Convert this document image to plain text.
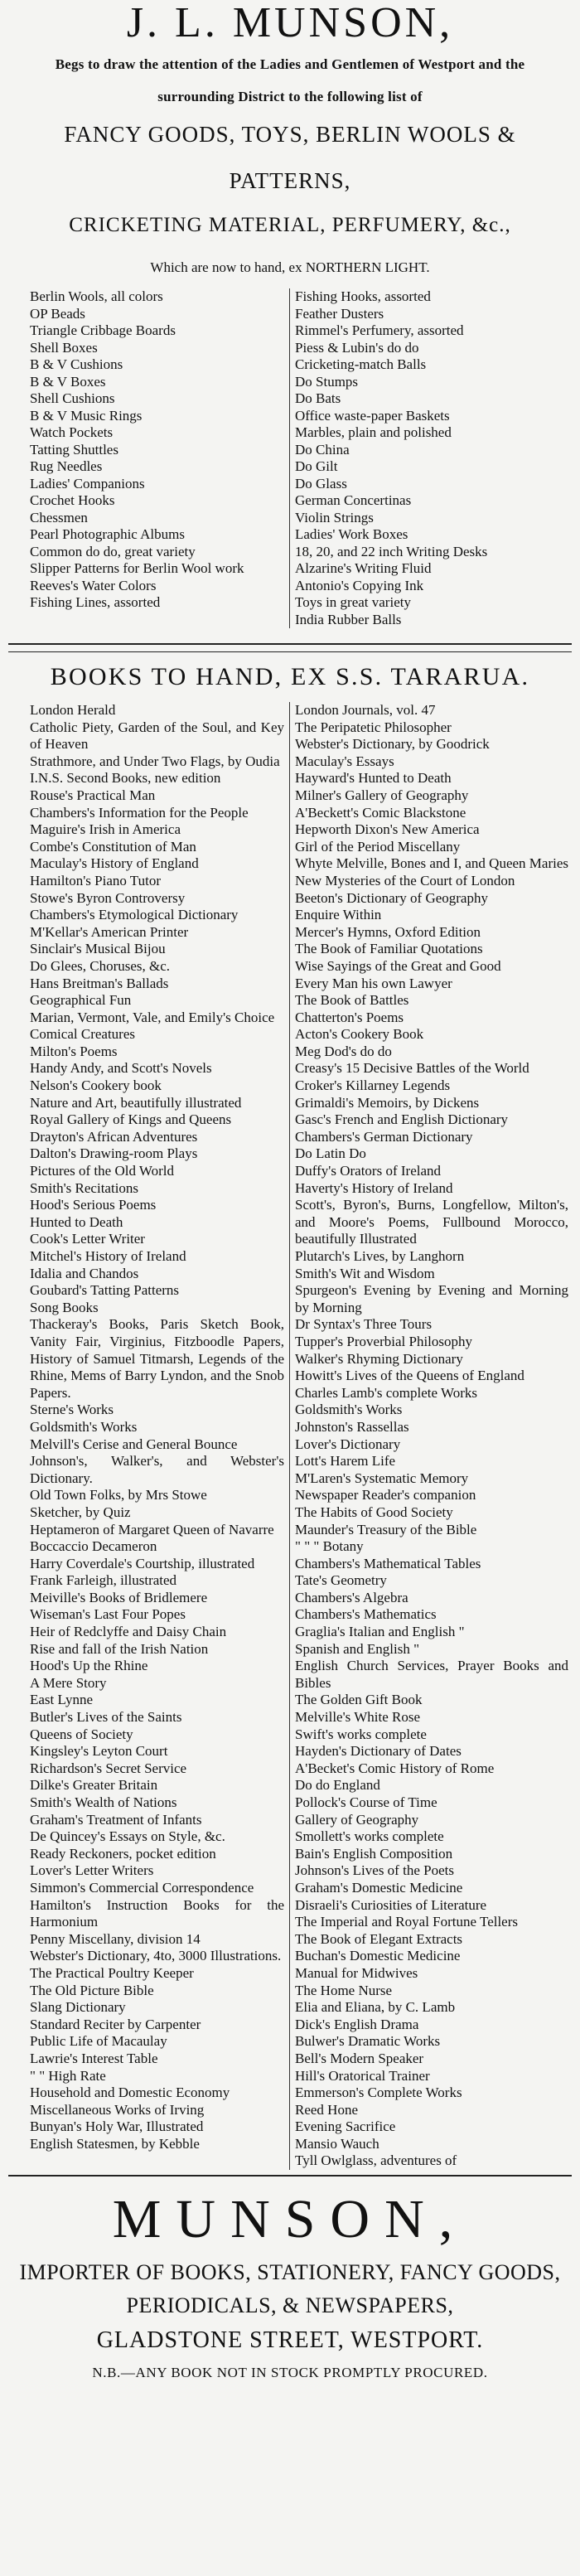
J. L. MUNSON,

Begs to draw the attention of the Ladies and Gentlemen of Westport and the

surrounding District to the following list of

FANCY GOODS, TOYS, BERLIN WOOLS & PATTERNS,

CRICKETING MATERIAL, PERFUMERY, &c.,

Which are now to hand, ex NORTHERN LIGHT.

Berlin Wools, all colors
OP Beads
Triangle Cribbage Boards
Shell Boxes
B & V Cushions
B & V Boxes
Shell Cushions
B & V Music Rings
Watch Pockets
Tatting Shuttles
Rug Needles
Ladies' Companions
Crochet Hooks
Chessmen
Pearl Photographic Albums
Common do do, great variety
Slipper Patterns for Berlin Wool work
Reeves's Water Colors
Fishing Lines, assorted
Fishing Hooks, assorted
Feather Dusters
Rimmel's Perfumery, assorted
Piess & Lubin's do do
Cricketing-match Balls
Do Stumps
Do Bats
Office waste-paper Baskets
Marbles, plain and polished
Do China
Do Gilt
Do Glass
German Concertinas
Violin Strings
Ladies' Work Boxes
18, 20, and 22 inch Writing Desks
Alzarine's Writing Fluid
Antonio's Copying Ink
Toys in great variety
India Rubber Balls

BOOKS TO HAND, EX S.S. TARARUA.

London Herald
Catholic Piety, Garden of the Soul, and Key of Heaven
Strathmore, and Under Two Flags, by Oudia
I.N.S. Second Books, new edition
Rouse's Practical Man
Chambers's Information for the People
Maguire's Irish in America
Combe's Constitution of Man
Maculay's History of England
Hamilton's Piano Tutor
Stowe's Byron Controversy
Chambers's Etymological Dictionary
M'Kellar's American Printer
Sinclair's Musical Bijou
Do Glees, Choruses, &c.
Hans Breitman's Ballads
Geographical Fun
Marian, Vermont, Vale, and Emily's Choice
Comical Creatures
Milton's Poems
Handy Andy, and Scott's Novels
Nelson's Cookery book
Nature and Art, beautifully illustrated
Royal Gallery of Kings and Queens
Drayton's African Adventures
Dalton's Drawing-room Plays
Pictures of the Old World
Smith's Recitations
Hood's Serious Poems
Hunted to Death
Cook's Letter Writer
Mitchel's History of Ireland
Idalia and Chandos
Goubard's Tatting Patterns
Song Books
Thackeray's Books, Paris Sketch Book, Vanity Fair, Virginius, Fitzboodle Papers, History of Samuel Titmarsh, Legends of the Rhine, Mems of Barry Lyndon, and the Snob Papers.
Sterne's Works
Goldsmith's Works
Melvill's Cerise and General Bounce
Johnson's, Walker's, and Webster's Dictionary.
Old Town Folks, by Mrs Stowe
Sketcher, by Quiz
Heptameron of Margaret Queen of Navarre
Boccaccio Decameron
Harry Coverdale's Courtship, illustrated
Frank Farleigh, illustrated
Meiville's Books of Bridlemere
Wiseman's Last Four Popes
Heir of Redclyffe and Daisy Chain
Rise and fall of the Irish Nation
Hood's Up the Rhine
A Mere Story
East Lynne
Butler's Lives of the Saints
Queens of Society
Kingsley's Leyton Court
Richardson's Secret Service
Dilke's Greater Britain
Smith's Wealth of Nations
Graham's Treatment of Infants
De Quincey's Essays on Style, &c.
Ready Reckoners, pocket edition
Lover's Letter Writers
Simmon's Commercial Correspondence
Hamilton's Instruction Books for the Harmonium
Penny Miscellany, division 14
Webster's Dictionary, 4to, 3000 Illustrations.
The Practical Poultry Keeper
The Old Picture Bible
Slang Dictionary
Standard Reciter by Carpenter
Public Life of Macaulay
Lawrie's Interest Table
" " High Rate
Household and Domestic Economy
Miscellaneous Works of Irving
Bunyan's Holy War, Illustrated
English Statesmen, by Kebble
London Journals, vol. 47
The Peripatetic Philosopher
Webster's Dictionary, by Goodrick
Maculay's Essays
Hayward's Hunted to Death
Milner's Gallery of Geography
A'Beckett's Comic Blackstone
Hepworth Dixon's New America
Girl of the Period Miscellany
Whyte Melville, Bones and I, and Queen Maries
New Mysteries of the Court of London
Beeton's Dictionary of Geography
Enquire Within
Mercer's Hymns, Oxford Edition
The Book of Familiar Quotations
Wise Sayings of the Great and Good
Every Man his own Lawyer
The Book of Battles
Chatterton's Poems
Acton's Cookery Book
Meg Dod's do do
Creasy's 15 Decisive Battles of the World
Croker's Killarney Legends
Grimaldi's Memoirs, by Dickens
Gasc's French and English Dictionary
Chambers's German Dictionary
Do Latin Do
Duffy's Orators of Ireland
Haverty's History of Ireland
Scott's, Byron's, Burns, Longfellow, Milton's, and Moore's Poems, Fullbound Morocco, beautifully Illustrated
Plutarch's Lives, by Langhorn
Smith's Wit and Wisdom
Spurgeon's Evening by Evening and Morning by Morning
Dr Syntax's Three Tours
Tupper's Proverbial Philosophy
Walker's Rhyming Dictionary
Howitt's Lives of the Queens of England
Charles Lamb's complete Works
Goldsmith's Works
Johnston's Rassellas
Lover's Dictionary
Lott's Harem Life
M'Laren's Systematic Memory
Newspaper Reader's companion
The Habits of Good Society
Maunder's Treasury of the Bible
" " " Botany
Chambers's Mathematical Tables
Tate's Geometry
Chambers's Algebra
Chambers's Mathematics
Graglia's Italian and English "
Spanish and English "
English Church Services, Prayer Books and Bibles
The Golden Gift Book
Melville's White Rose
Swift's works complete
Hayden's Dictionary of Dates
A'Becket's Comic History of Rome
Do do England
Pollock's Course of Time
Gallery of Geography
Smollett's works complete
Bain's English Composition
Johnson's Lives of the Poets
Graham's Domestic Medicine
Disraeli's Curiosities of Literature
The Imperial and Royal Fortune Tellers
The Book of Elegant Extracts
Buchan's Domestic Medicine
Manual for Midwives
The Home Nurse
Elia and Eliana, by C. Lamb
Dick's English Drama
Bulwer's Dramatic Works
Bell's Modern Speaker
Hill's Oratorical Trainer
Emmerson's Complete Works
Reed Hone
Evening Sacrifice
Mansio Wauch
Tyll Owlglass, adventures of

MUNSON,

IMPORTER OF BOOKS, STATIONERY, FANCY GOODS,

PERIODICALS, & NEWSPAPERS,

GLADSTONE STREET, WESTPORT.

N.B.—ANY BOOK NOT IN STOCK PROMPTLY PROCURED.
